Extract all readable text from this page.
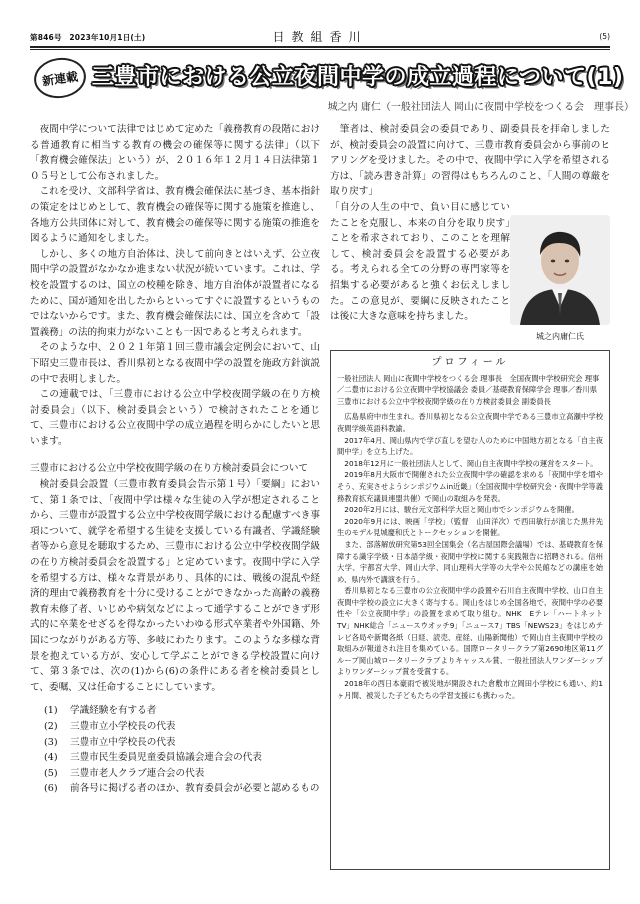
第846号　 2023年10月1日(土)	日教組香川	(5)
新連載 三豊市における公立夜間中学の成立過程について(1)
城之内 庸仁（一般社団法人 岡山に夜間中学校をつくる会　理事長）

夜間中学について法律ではじめて定めた「義務教育の段階における普通教育に相当する教育の機会の確保等に関する法律」（以下「教育機会確保法」という）が、２０１６年１２月１４日法律第１０５号として公布されました。

これを受け、文部科学省は、教育機会確保法に基づき、基本指針の策定をはじめとして、教育機会の確保等に関する施策を推進し、各地方公共団体に対して、教育機会の確保等に関する施策の推進を図るように通知をしました。

しかし、多くの地方自治体は、決して前向きとはいえず、公立夜間中学の設置がなかなか進まない状況が続いています。これは、学校を設置するのは、国立の校種を除き、地方自治体が設置者になるために、国が通知を出したからといってすぐに設置するというものではないからです。また、教育機会確保法には、国立を含めて「設置義務」の法的拘束力がないことも一因であると考えられます。

そのような中、２０２１年第１回三豊市議会定例会において、山下昭史三豊市長は、香川県初となる夜間中学の設置を施政方針演説の中で表明しました。

この連載では、「三豊市における公立中学校夜間学級の在り方検討委員会」（以下、検討委員会という）で検討されたことを通じて、三豊市における公立夜間中学の成立過程を明らかにしたいと思います。

三豊市における公立中学校夜間学級の在り方検討委員会について

検討委員会設置（三豊市教育委員会告示第１号）「要綱」において、第１条では、「夜間中学は様々な生徒の入学が想定されることから、三豊市が設置する公立中学校夜間学級における配慮すべき事項について、就学を希望する生徒を支援している有識者、学識経験者等から意見を聴取するため、三豊市における公立中学校夜間学級の在り方検討委員会を設置する」と定めています。夜間中学に入学を希望する方は、様々な背景があり、具体的には、戦後の混乱や経済的理由で義務教育を十分に受けることができなかった高齢の義務教育未修了者、いじめや病気などによって通学することができず形式的に卒業をせざるを得なかったいわゆる形式卒業者や外国籍、外国につながりがある方等、多岐にわたります。このような多様な背景を抱えている方が、安心して学ぶことができる学校設置に向けて、第３条では、次の(1)から(6)の条件にある者を検討委員として、委嘱、又は任命することにしています。

(1)	学識経験を有する者
(2)	三豊市立小学校長の代表
(3)	三豊市立中学校長の代表
(4)	三豊市民生委員児童委員協議会連合会の代表
(5)	三豊市老人クラブ連合会の代表
(6)	前各号に掲げる者のほか、教育委員会が必要と認めるもの

筆者は、検討委員会の委員であり、副委員長を拝命しましたが、検討委員会の設置に向けて、三豊市教育委員会から事前のヒアリングを受けました。その中で、夜間中学に入学を希望される方は、「読み書き計算」の習得はもちろんのこと、「人間の尊厳を取り戻す」

「自分の人生の中で、負い目に感じていたことを克服し、本来の自分を取り戻す」ことを希求されており、このことを理解して、検討委員会を設置する必要がある。考えられる全ての分野の専門家等を招集する必要があると強くお伝えしました。この意見が、要綱に反映されたことは後に大きな意味を持ちました。

城之内庸仁氏
プロフィール
一般社団法人 岡山に夜間中学校をつくる会 理事長　全国夜間中学校研究会 理事／二豊市における公立夜間中学校協議会 委員／基礎教育保障学会 理事／香川県三豊市における公立中学校夜間学級の在り方検討委員会 副委員長

広島県府中市生まれ。香川県初となる公立夜間中学である三豊市立高瀬中学校夜間学級英語科教諭。

2017年4月、岡山県内で学び直しを望む人のために中国地方初となる「自主夜間中学」を立ち上げた。

2018年12月に一般社団法人として、岡山自主夜間中学校の運営をスタート。

2019年8月大阪市で開催された公立夜間中学の確認を求める「夜間中学を増やそう、充実させようシンポジウムin近畿」（全国夜間中学校研究会・夜間中学等義務教育拡充議員連盟共催）で岡山の取組みを発表。

2020年2月には、駿台元文部科学大臣と岡山市でシンポジウムを開催。

2020年9月には、映画「学校」（監督　山田洋次）で西田敏行が演じた黒井先生のモデル見城慶和氏とトークセッションを開催。

また、部落解放研究第53回全国集会（名古屋国際会議場）では、基礎教育を保障する識字学級・日本語学級・夜間中学校に関する実践報告に招聘される。信州大学、宇都宮大学、岡山大学、同山理科大学等の大学や公民館などの講座を始め、県内外で講演を行う。

香川県初となる三豊市の公立夜間中学の設置や石川自主夜間中学校、山口自主夜間中学校の設立に大きく寄与する。岡山をはじめ全国各地で、夜間中学の必要性や「公立夜間中学」の設置を求めて取り組む。NHK　Eテレ「ハートネットTV」NHK総合「ニュースウオッチ9」「ニュース7」TBS「NEWS23」をはじめテレビ各局や新聞各紙（日経、読売、産経、山陽新聞他）で岡山自主夜間中学校の取組みが報道され注目を集めている。国際ロータリークラブ第2690地区第11グループ岡山城ロータリークラブよりキャッスル賞、一般社団法人ワンダーシップよりワンダーシップ賞を受賞する。

2018年の西日本豪雨で被災地が開設された倉敷市立岡田小学校にも通い、約1ヶ月間、被災した子どもたちの学習支援にも携わった。
